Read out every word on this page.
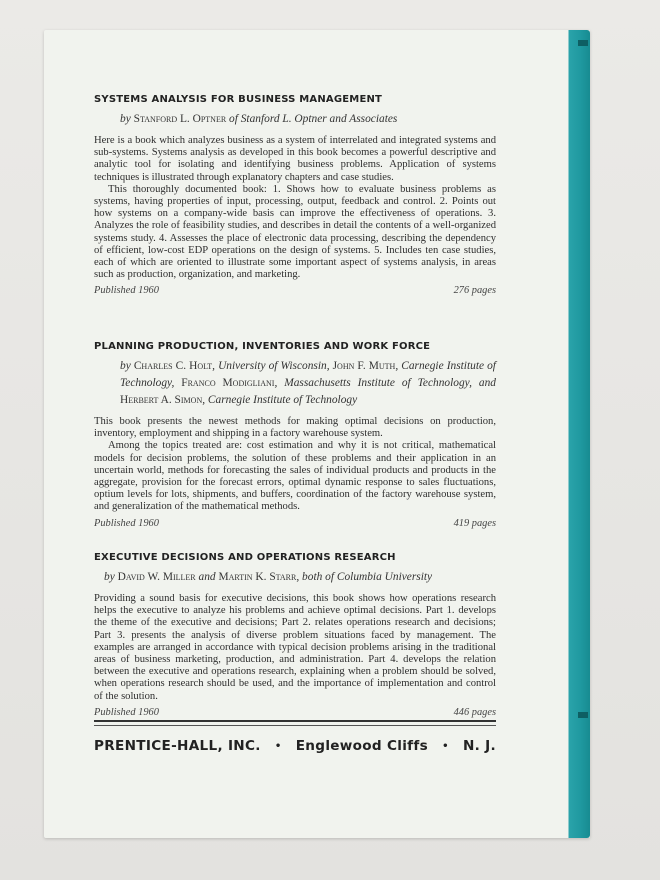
SYSTEMS ANALYSIS FOR BUSINESS MANAGEMENT
by Stanford L. Optner of Stanford L. Optner and Associates

Here is a book which analyzes business as a system of interrelated and integrated systems and sub-systems. Systems analysis as developed in this book becomes a powerful descriptive and analytic tool for isolating and identifying business problems. Application of systems techniques is illustrated through explanatory chapters and case studies.

This thoroughly documented book: 1. Shows how to evaluate business problems as systems, having properties of input, processing, output, feedback and control. 2. Points out how systems on a company-wide basis can improve the effectiveness of operations. 3. Analyzes the role of feasibility studies, and describes in detail the contents of a well-organized systems study. 4. Assesses the place of electronic data processing, describing the dependency of efficient, low-cost EDP operations on the design of systems. 5. Includes ten case studies, each of which are oriented to illustrate some important aspect of systems analysis, in areas such as production, organization, and marketing.

Published 1960	276 pages
PLANNING PRODUCTION, INVENTORIES AND WORK FORCE
by Charles C. Holt, University of Wisconsin, John F. Muth, Carnegie Institute of Technology, Franco Modigliani, Massachusetts Institute of Technology, and Herbert A. Simon, Carnegie Institute of Technology

This book presents the newest methods for making optimal decisions on production, inventory, employment and shipping in a factory warehouse system.

Among the topics treated are: cost estimation and why it is not critical, mathematical models for decision problems, the solution of these problems and their application in an uncertain world, methods for forecasting the sales of individual products and products in the aggregate, provision for the forecast errors, optimal dynamic response to sales fluctuations, optium levels for lots, shipments, and buffers, coordination of the factory warehouse system, and generalization of the mathematical methods.

Published 1960	419 pages
EXECUTIVE DECISIONS AND OPERATIONS RESEARCH
by David W. Miller and Martin K. Starr, both of Columbia University

Providing a sound basis for executive decisions, this book shows how operations research helps the executive to analyze his problems and achieve optimal decisions. Part 1. develops the theme of the executive and decisions; Part 2. relates operations research and decisions; Part 3. presents the analysis of diverse problem situations faced by management. The examples are arranged in accordance with typical decision problems arising in the traditional areas of business marketing, production, and administration. Part 4. develops the relation between the executive and operations research, explaining when a problem should be solved, when operations research should be used, and the importance of implementation and control of the solution.

Published 1960	446 pages
PRENTICE-HALL, INC. • Englewood Cliffs • N. J.
